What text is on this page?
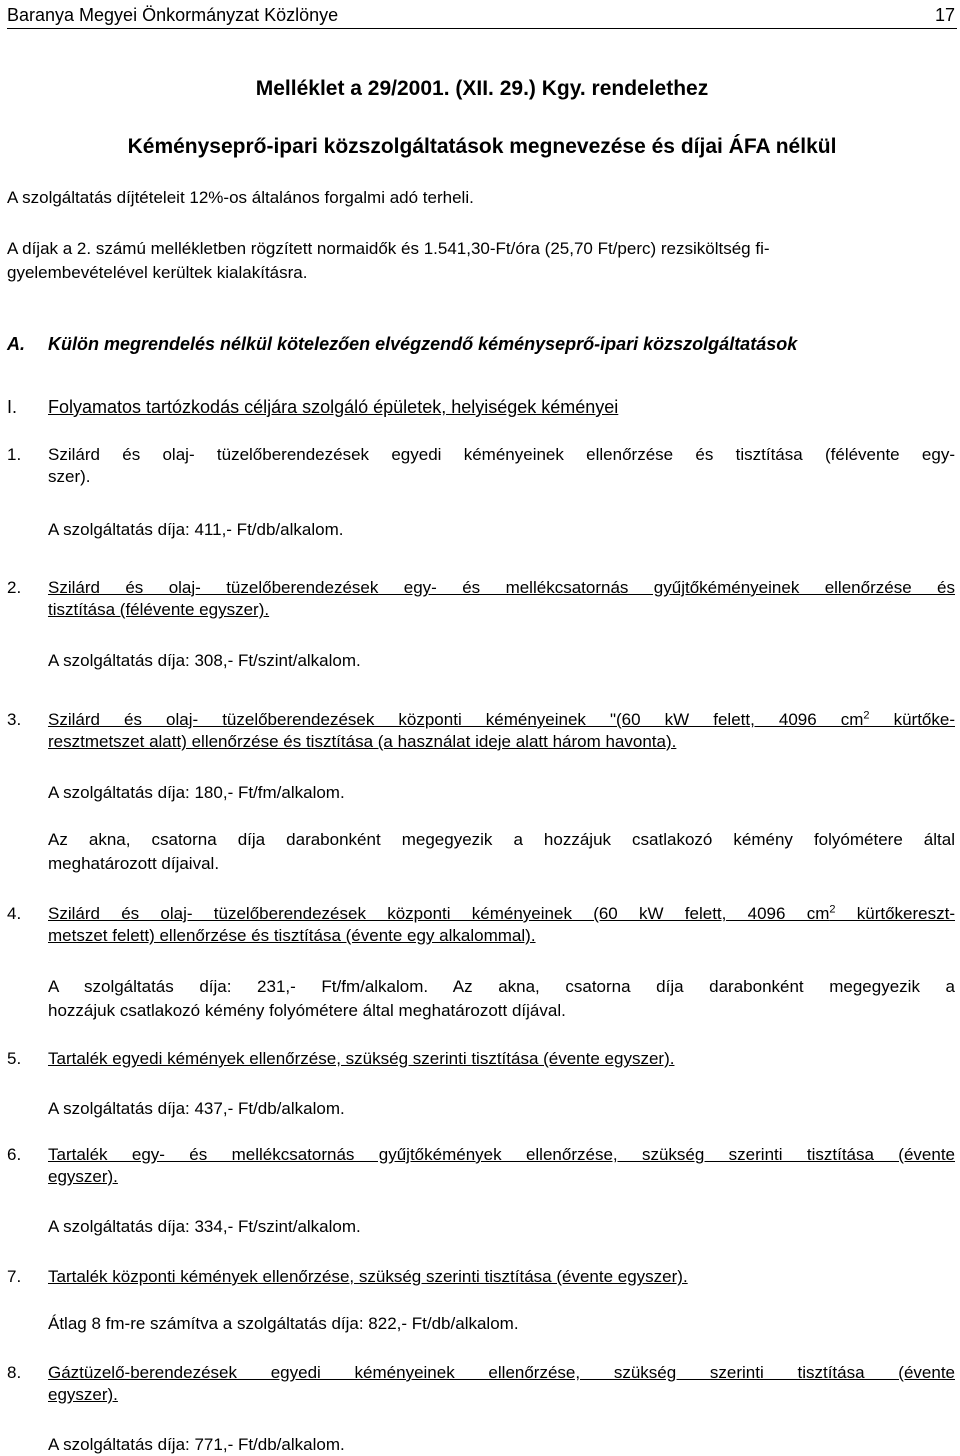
Baranya Megyei Önkormányzat Közlönye	17
Melléklet a 29/2001. (XII. 29.) Kgy. rendelethez
Kéményseprő-ipari közszolgáltatások megnevezése és díjai ÁFA nélkül
A szolgáltatás díjtételeit 12%-os általános forgalmi adó terheli.
A díjak a 2. számú mellékletben rögzített normaidők és 1.541,30-Ft/óra (25,70 Ft/perc) rezsiköltség fi-
gyelembevételével kerültek kialakításra.
A. Külön megrendelés nélkül kötelezően elvégzendő kéményseprő-ipari közszolgáltatások
I. Folyamatos tartózkodás céljára szolgáló épületek, helyiségek kéményei
1. Szilárd és olaj- tüzelőberendezések egyedi kéményeinek ellenőrzése és tisztítása (félévente egy-
szer).
A szolgáltatás díja: 411,- Ft/db/alkalom.
2. Szilárd és olaj- tüzelőberendezések egy- és mellékcsatornás gyűjtőkéményeinek ellenőrzése és
tisztítása (félévente egyszer).
A szolgáltatás díja: 308,- Ft/szint/alkalom.
3. Szilárd és olaj- tüzelőberendezések központi kéményeinek "(60 kW felett, 4096 $cm^2$ kürtőke-
resztmetszet alatt) ellenőrzése és tisztítása (a használat ideje alatt három havonta).
A szolgáltatás díja: 180,- Ft/fm/alkalom.
Az akna, csatorna díja darabonként megegyezik a hozzájuk csatlakozó kémény folyómétere által
meghatározott díjaival.
4. Szilárd és olaj- tüzelőberendezések központi kéményeinek (60 kW felett, 4096 $cm^2$ kürtőkereszt-
metszet felett) ellenőrzése és tisztítása (évente egy alkalommal).
A szolgáltatás díja: 231,- Ft/fm/alkalom. Az akna, csatorna díja darabonként megegyezik a
hozzájuk csatlakozó kémény folyómétere által meghatározott díjával.
5. Tartalék egyedi kémények ellenőrzése, szükség szerinti tisztítása (évente egyszer).
A szolgáltatás díja: 437,- Ft/db/alkalom.
6. Tartalék egy- és mellékcsatornás gyűjtőkémények ellenőrzése, szükség szerinti tisztítása (évente
egyszer).
A szolgáltatás díja: 334,- Ft/szint/alkalom.
7. Tartalék központi kémények ellenőrzése, szükség szerinti tisztítása (évente egyszer).
Átlag 8 fm-re számítva a szolgáltatás díja: 822,- Ft/db/alkalom.
8. Gáztüzelő-berendezések egyedi kéményeinek ellenőrzése, szükség szerinti tisztítása (évente
egyszer).
A szolgáltatás díja: 771,- Ft/db/alkalom.
